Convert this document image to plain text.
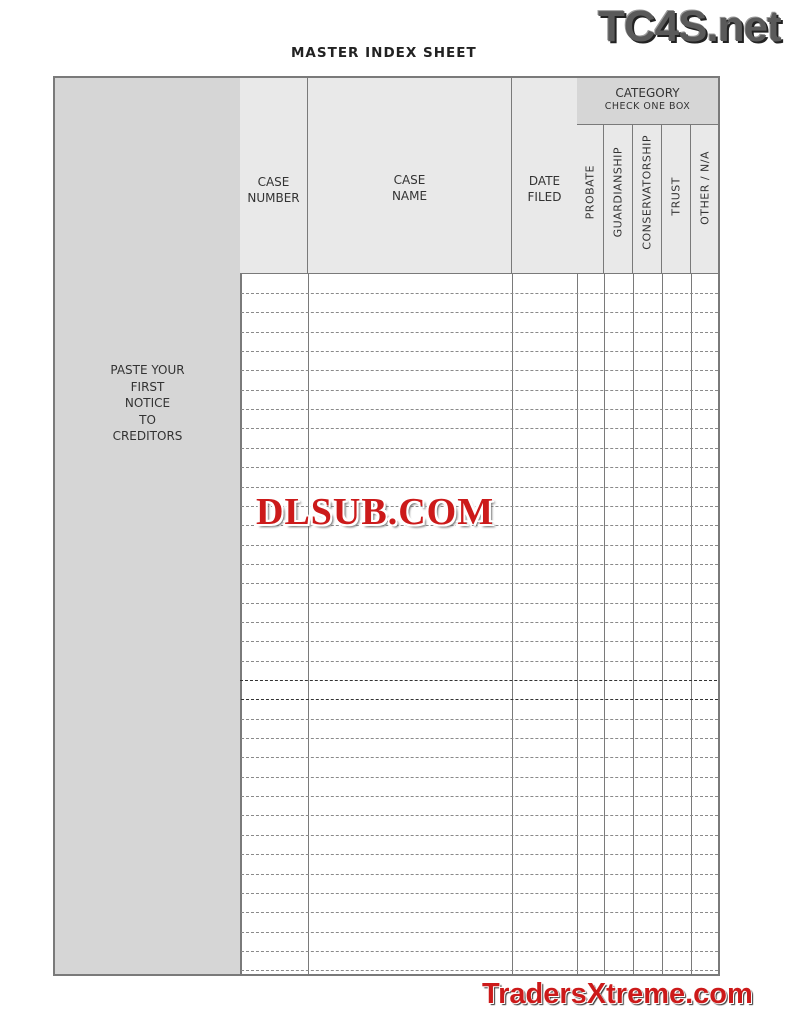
TC4S.net
MASTER INDEX SHEET
PASTE YOUR
FIRST
NOTICE
TO
CREDITORS
CASE
NUMBER
CASE
NAME
DATE
FILED
CATEGORY
CHECK ONE BOX
PROBATE GUARDIANSHIP CONSERVATORSHIP TRUST OTHER / N/A
DLSUB.COM
TradersXtreme.com
